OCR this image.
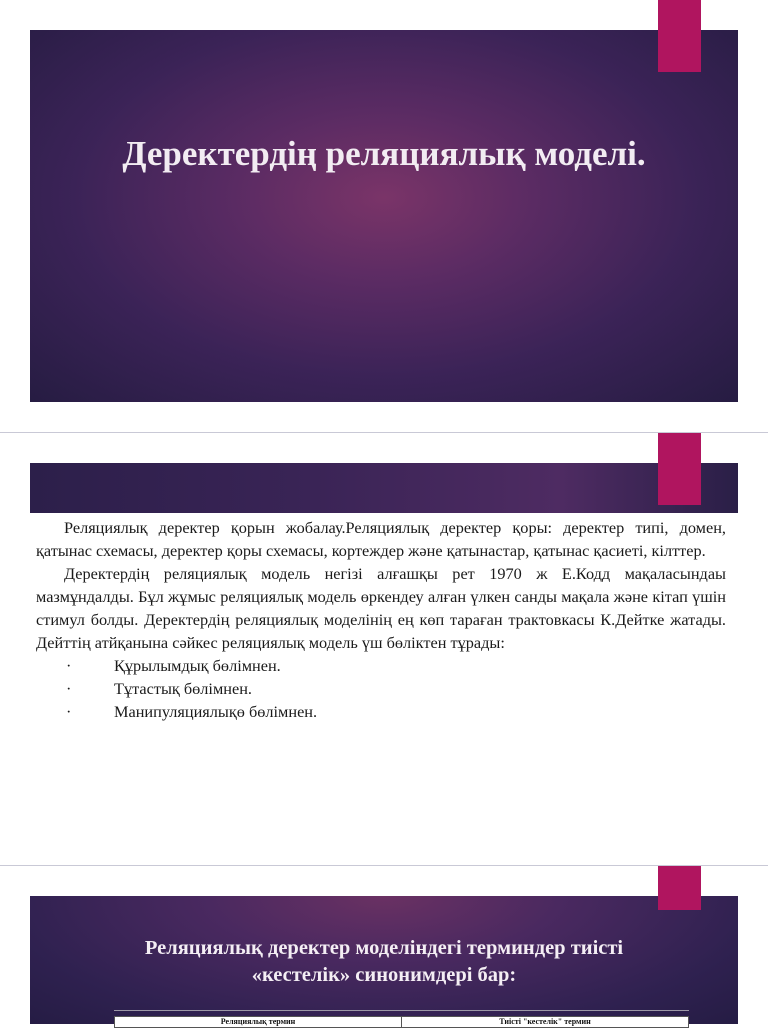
Деректердің реляциялық моделі.

Реляциялық деректер қорын жобалау.Реляциялық деректер қоры: деректер типі, домен, қатынас схемасы, деректер қоры схемасы, кортеждер және қатынастар, қатынас қасиеті, кілттер.

Деректердің реляциялық модель негізі алғашқы рет 1970 ж Е.Кодд мақаласындаы мазмұндалды. Бұл жұмыс реляциялық модель өркендеу алған үлкен санды мақала және кітап үшін стимул болды. Деректердің реляциялық моделінің ең көп тараған трактовкасы К.Дейтке жатады. Дейттің атйқанына сәйкес реляциялық модель үш бөліктен тұрады:

·	Құрылымдық бөлімнен.
·	Тұтастық бөлімнен.
·	Манипуляциялықө бөлімнен.
Реляциялық деректер моделіндегі терминдер тиісті
«кестелік» синонимдері бар:
Реляциялық термин	Тиісті "кестелік" термин
